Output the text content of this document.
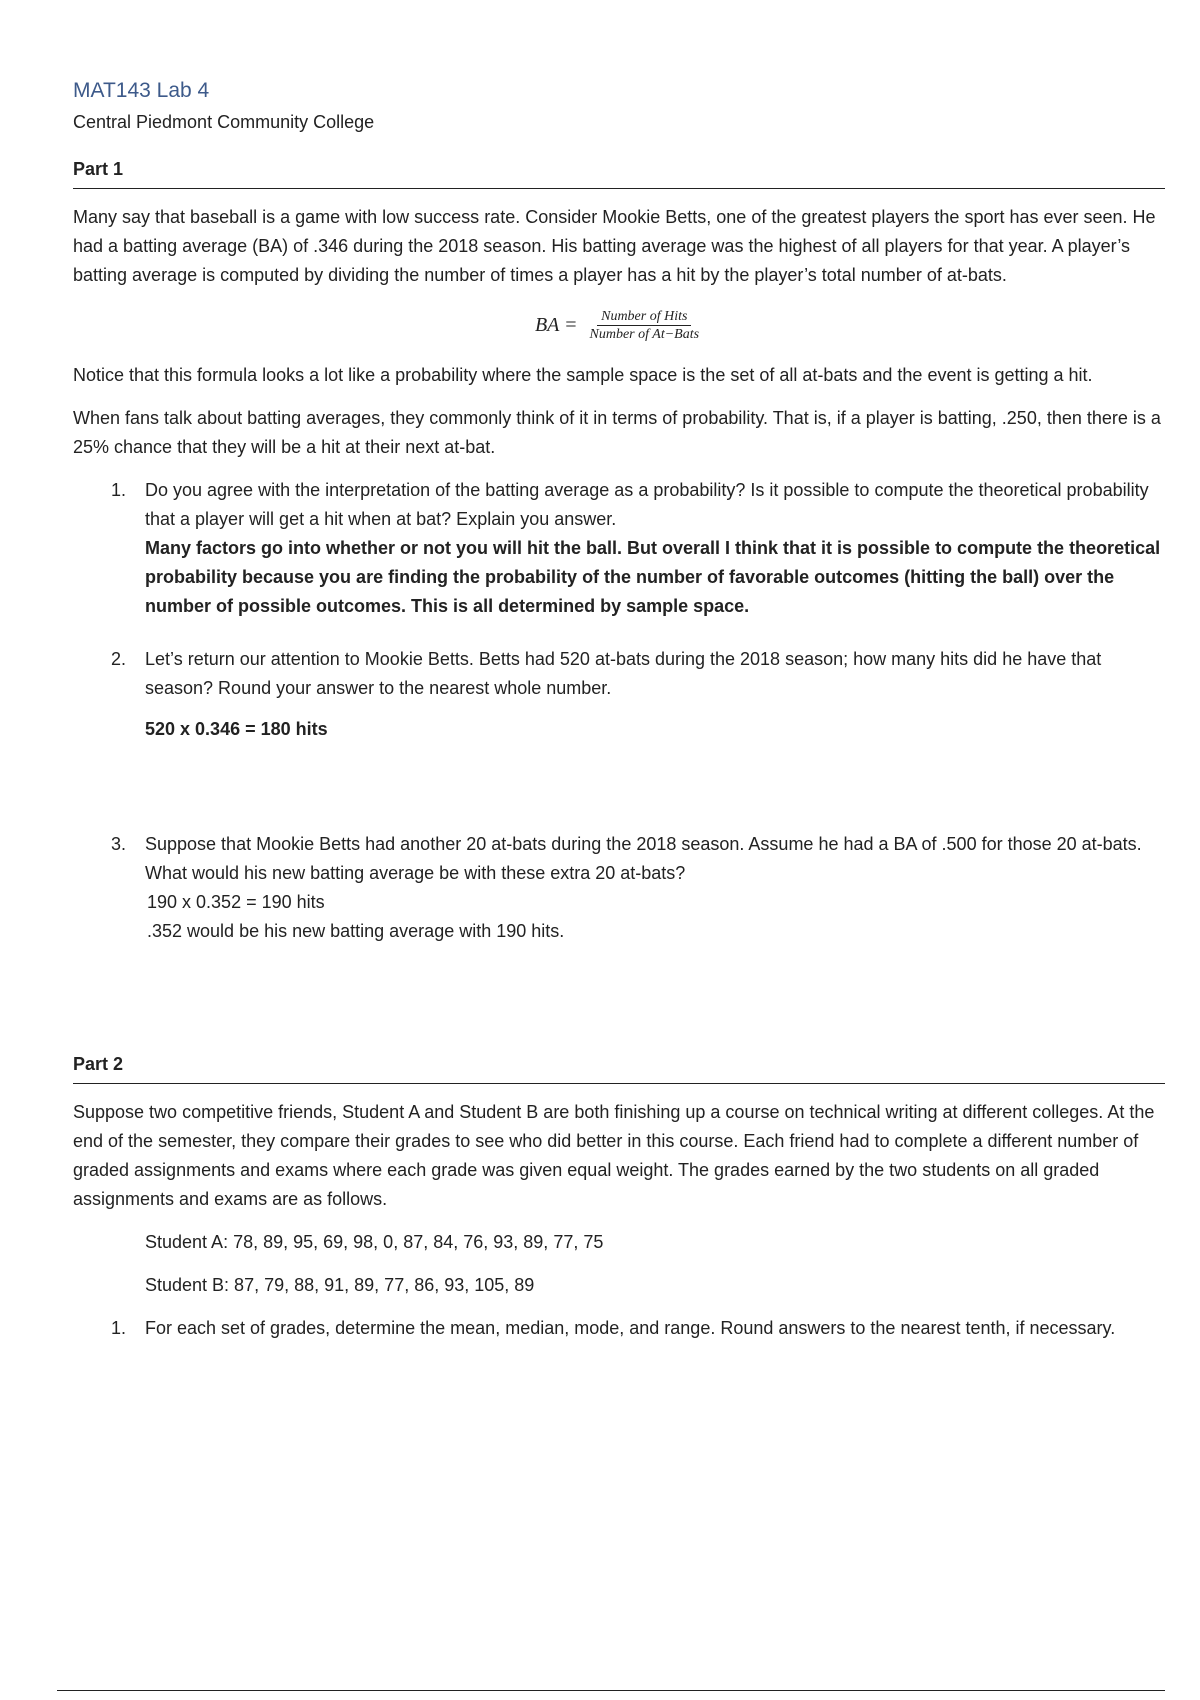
MAT143 Lab 4

Central Piedmont Community College

Part 1

Many say that baseball is a game with low success rate. Consider Mookie Betts, one of the greatest players the sport has ever seen. He had a batting average (BA) of .346 during the 2018 season. His batting average was the highest of all players for that year. A player’s batting average is computed by dividing the number of times a player has a hit by the player’s total number of at-bats.

BA = $\frac{\text{Number of Hits}}{\text{Number of At−Bats}}$

Notice that this formula looks a lot like a probability where the sample space is the set of all at-bats and the event is getting a hit.

When fans talk about batting averages, they commonly think of it in terms of probability. That is, if a player is batting, .250, then there is a 25% chance that they will be a hit at their next at-bat.

1.	Do you agree with the interpretation of the batting average as a probability? Is it possible to compute the theoretical probability that a player will get a hit when at bat? Explain you answer.

Many factors go into whether or not you will hit the ball. But overall I think that it is possible to compute the theoretical probability because you are finding the probability of the number of favorable outcomes (hitting the ball) over the number of possible outcomes. This is all determined by sample space.

2.	Let’s return our attention to Mookie Betts. Betts had 520 at-bats during the 2018 season; how many hits did he have that season? Round your answer to the nearest whole number.

520 x 0.346 = 180 hits

3.	Suppose that Mookie Betts had another 20 at-bats during the 2018 season. Assume he had a BA of .500 for those 20 at-bats. What would his new batting average be with these extra 20 at-bats?

190 x 0.352 = 190 hits

.352 would be his new batting average with 190 hits.

Part 2

Suppose two competitive friends, Student A and Student B are both finishing up a course on technical writing at different colleges. At the end of the semester, they compare their grades to see who did better in this course. Each friend had to complete a different number of graded assignments and exams where each grade was given equal weight. The grades earned by the two students on all graded assignments and exams are as follows.

Student A: 78, 89, 95, 69, 98, 0, 87, 84, 76, 93, 89, 77, 75

Student B: 87, 79, 88, 91, 89, 77, 86, 93, 105, 89

1.	For each set of grades, determine the mean, median, mode, and range. Round answers to the nearest tenth, if necessary.
